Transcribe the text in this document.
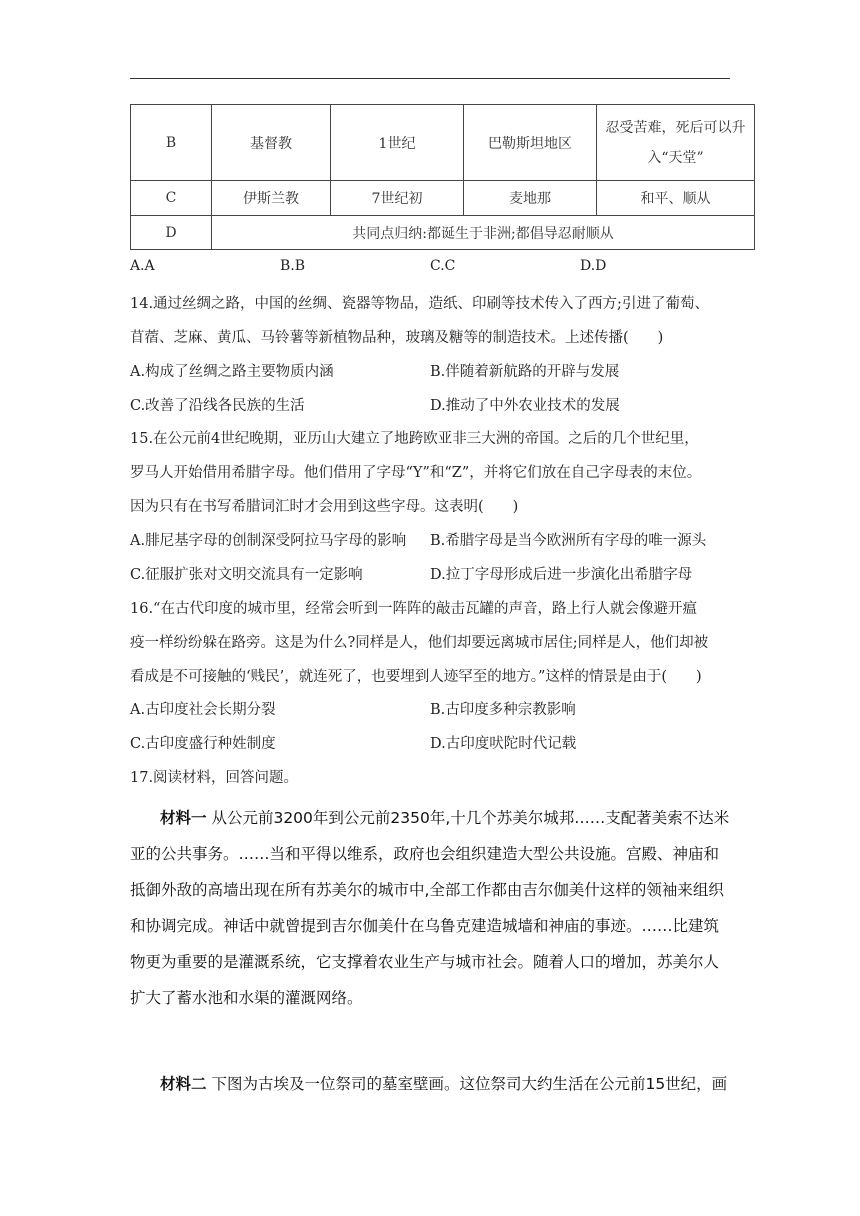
B	基督教	1世纪	巴勒斯坦地区	忍受苦难，死后可以升
入“天堂”
C	伊斯兰教	7世纪初	麦地那	和平、顺从
D	共同点归纳:都诞生于非洲;都倡导忍耐顺从			
A.A	B.B	C.C	D.D
14.通过丝绸之路，中国的丝绸、瓷器等物品，造纸、印刷等技术传入了西方;引进了葡萄、
苜蓿、芝麻、黄瓜、马铃薯等新植物品种，玻璃及糖等的制造技术。上述传播(　　)
A.构成了丝绸之路主要物质内涵	B.伴随着新航路的开辟与发展
C.改善了沿线各民族的生活	D.推动了中外农业技术的发展
15.在公元前4世纪晚期，亚历山大建立了地跨欧亚非三大洲的帝国。之后的几个世纪里，
罗马人开始借用希腊字母。他们借用了字母“Y”和“Z”，并将它们放在自己字母表的末位。
因为只有在书写希腊词汇时才会用到这些字母。这表明(　　)
A.腓尼基字母的创制深受阿拉马字母的影响 B.希腊字母是当今欧洲所有字母的唯一源头
C.征服扩张对文明交流具有一定影响	D.拉丁字母形成后进一步演化出希腊字母
16.“在古代印度的城市里，经常会听到一阵阵的敲击瓦罐的声音，路上行人就会像避开瘟
疫一样纷纷躲在路旁。这是为什么?同样是人，他们却要远离城市居住;同样是人，他们却被
看成是不可接触的‘贱民’，就连死了，也要埋到人迹罕至的地方。”这样的情景是由于(　　)
A.古印度社会长期分裂	B.古印度多种宗教影响
C.古印度盛行种姓制度	D.古印度吠陀时代记载
17.阅读材料，回答问题。
材料一 从公元前3200年到公元前2350年,十几个苏美尔城邦……支配著美索不达米亚的公共事务。……当和平得以维系，政府也会组织建造大型公共设施。宫殿、神庙和抵御外敌的高墙出现在所有苏美尔的城市中,全部工作都由吉尔伽美什这样的领袖来组织和协调完成。神话中就曾提到吉尔伽美什在乌鲁克建造城墙和神庙的事迹。……比建筑物更为重要的是灌溉系统，它支撑着农业生产与城市社会。随着人口的增加，苏美尔人扩大了蓄水池和水渠的灌溉网络。
材料二 下图为古埃及一位祭司的墓室壁画。这位祭司大约生活在公元前15世纪，画
